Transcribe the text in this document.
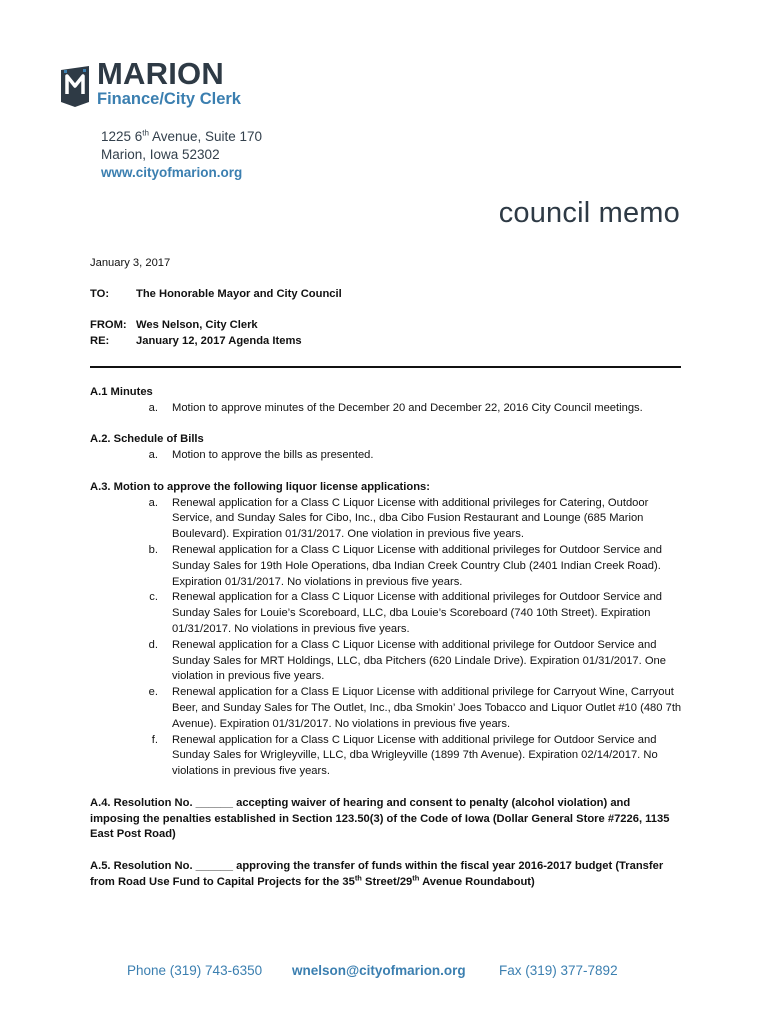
MARION
Finance/City Clerk
1225 6th Avenue, Suite 170
Marion, Iowa 52302
www.cityofmarion.org
council memo
January 3, 2017
TO: The Honorable Mayor and City Council
FROM: Wes Nelson, City Clerk
RE: January 12, 2017 Agenda Items

A.1 Minutes

a.	Motion to approve minutes of the December 20 and December 22, 2016 City Council meetings.

A.2. Schedule of Bills

a.	Motion to approve the bills as presented.

A.3. Motion to approve the following liquor license applications:

a.	Renewal application for a Class C Liquor License with additional privileges for Catering, Outdoor Service, and Sunday Sales for Cibo, Inc., dba Cibo Fusion Restaurant and Lounge (685 Marion Boulevard). Expiration 01/31/2017. One violation in previous five years.
b.	Renewal application for a Class C Liquor License with additional privileges for Outdoor Service and Sunday Sales for 19th Hole Operations, dba Indian Creek Country Club (2401 Indian Creek Road). Expiration 01/31/2017. No violations in previous five years.
c.	Renewal application for a Class C Liquor License with additional privileges for Outdoor Service and Sunday Sales for Louie’s Scoreboard, LLC, dba Louie’s Scoreboard (740 10th Street). Expiration 01/31/2017. No violations in previous five years.
d.	Renewal application for a Class C Liquor License with additional privilege for Outdoor Service and Sunday Sales for MRT Holdings, LLC, dba Pitchers (620 Lindale Drive). Expiration 01/31/2017. One violation in previous five years.
e.	Renewal application for a Class E Liquor License with additional privilege for Carryout Wine, Carryout Beer, and Sunday Sales for The Outlet, Inc., dba Smokin’ Joes Tobacco and Liquor Outlet #10 (480 7th Avenue). Expiration 01/31/2017. No violations in previous five years.
f.	Renewal application for a Class C Liquor License with additional privilege for Outdoor Service and Sunday Sales for Wrigleyville, LLC, dba Wrigleyville (1899 7th Avenue). Expiration 02/14/2017. No violations in previous five years.

A.4. Resolution No. ______ accepting waiver of hearing and consent to penalty (alcohol violation) and imposing the penalties established in Section 123.50(3) of the Code of Iowa (Dollar General Store #7226, 1135 East Post Road)

A.5. Resolution No. ______ approving the transfer of funds within the fiscal year 2016-2017 budget (Transfer from Road Use Fund to Capital Projects for the 35th Street/29th Avenue Roundabout)

Phone (319) 743-6350 wnelson@cityofmarion.org Fax (319) 377-7892
